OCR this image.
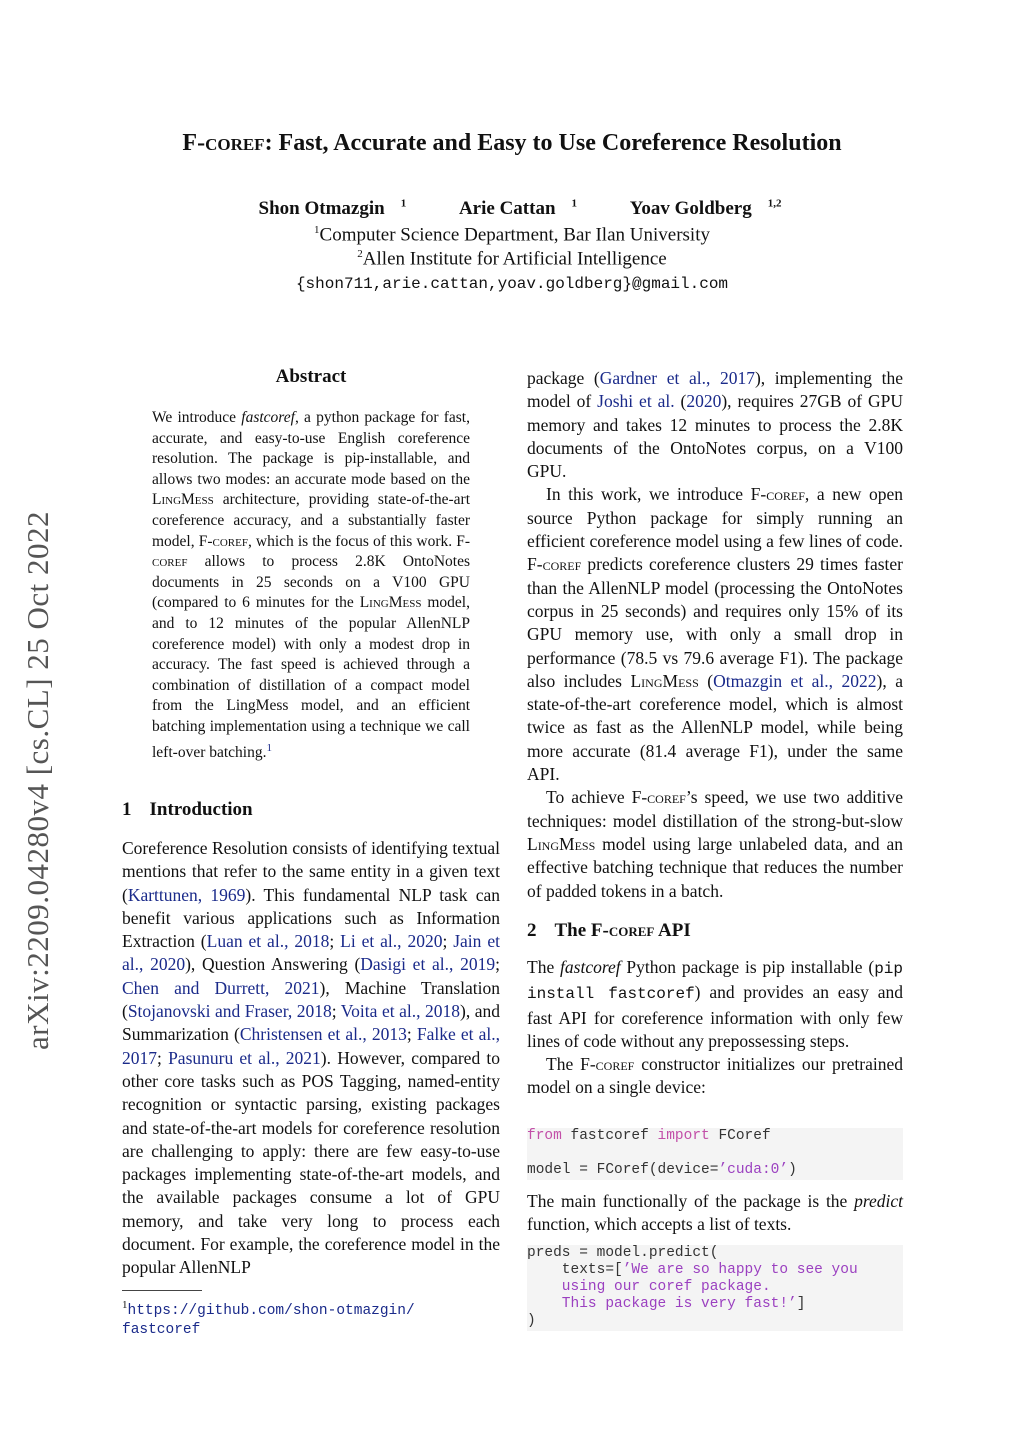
arXiv:2209.04280v4 [cs.CL] 25 Oct 2022
F-coref: Fast, Accurate and Easy to Use Coreference Resolution
Shon Otmazgin $^1$	Arie Cattan $^1$	Yoav Goldberg $^{1,2}$
$^1$Computer Science Department, Bar Ilan University
$^2$Allen Institute for Artificial Intelligence
{shon711,arie.cattan,yoav.goldberg}@gmail.com
Abstract
We introduce fastcoref, a python package for fast, accurate, and easy-to-use English coreference resolution. The package is pip-installable, and allows two modes: an accurate mode based on the LingMess architecture, providing state-of-the-art coreference accuracy, and a substantially faster model, F-coref, which is the focus of this work. F-coref allows to process 2.8K OntoNotes documents in 25 seconds on a V100 GPU (compared to 6 minutes for the LingMess model, and to 12 minutes of the popular AllenNLP coreference model) with only a modest drop in accuracy. The fast speed is achieved through a combination of distillation of a compact model from the LingMess model, and an efficient batching implementation using a technique we call left-over batching.$^1$
1 Introduction

Coreference Resolution consists of identifying textual mentions that refer to the same entity in a given text (Karttunen, 1969). This fundamental NLP task can benefit various applications such as Information Extraction (Luan et al., 2018; Li et al., 2020; Jain et al., 2020), Question Answering (Dasigi et al., 2019; Chen and Durrett, 2021), Machine Translation (Stojanovski and Fraser, 2018; Voita et al., 2018), and Summarization (Christensen et al., 2013; Falke et al., 2017; Pasunuru et al., 2021). However, compared to other core tasks such as POS Tagging, named-entity recognition or syntactic parsing, existing packages and state-of-the-art models for coreference resolution are challenging to apply: there are few easy-to-use packages implementing state-of-the-art models, and the available packages consume a lot of GPU memory, and take very long to process each document. For example, the coreference model in the popular AllenNLP

$^1$https://github.com/shon-otmazgin/
fastcoref

package (Gardner et al., 2017), implementing the model of Joshi et al. (2020), requires 27GB of GPU memory and takes 12 minutes to process the 2.8K documents of the OntoNotes corpus, on a V100 GPU.

In this work, we introduce F-coref, a new open source Python package for simply running an efficient coreference model using a few lines of code. F-coref predicts coreference clusters 29 times faster than the AllenNLP model (processing the OntoNotes corpus in 25 seconds) and requires only 15% of its GPU memory use, with only a small drop in performance (78.5 vs 79.6 average F1). The package also includes LingMess (Otmazgin et al., 2022), a state-of-the-art coreference model, which is almost twice as fast as the AllenNLP model, while being more accurate (81.4 average F1), under the same API.

To achieve F-coref’s speed, we use two additive techniques: model distillation of the strong-but-slow LingMess model using large unlabeled data, and an effective batching technique that reduces the number of padded tokens in a batch.

2 The F-coref API

The fastcoref Python package is pip installable (pip install fastcoref) and provides an easy and fast API for coreference information with only few lines of code without any prepossessing steps.

The F-coref constructor initializes our pretrained model on a single device:

from fastcoref import FCoref

model = FCoref(device=’cuda:0’)

The main functionally of the package is the predict function, which accepts a list of texts.

preds = model.predict(
texts=[’We are so happy to see you
using our coref package.
This package is very fast!’]
)
